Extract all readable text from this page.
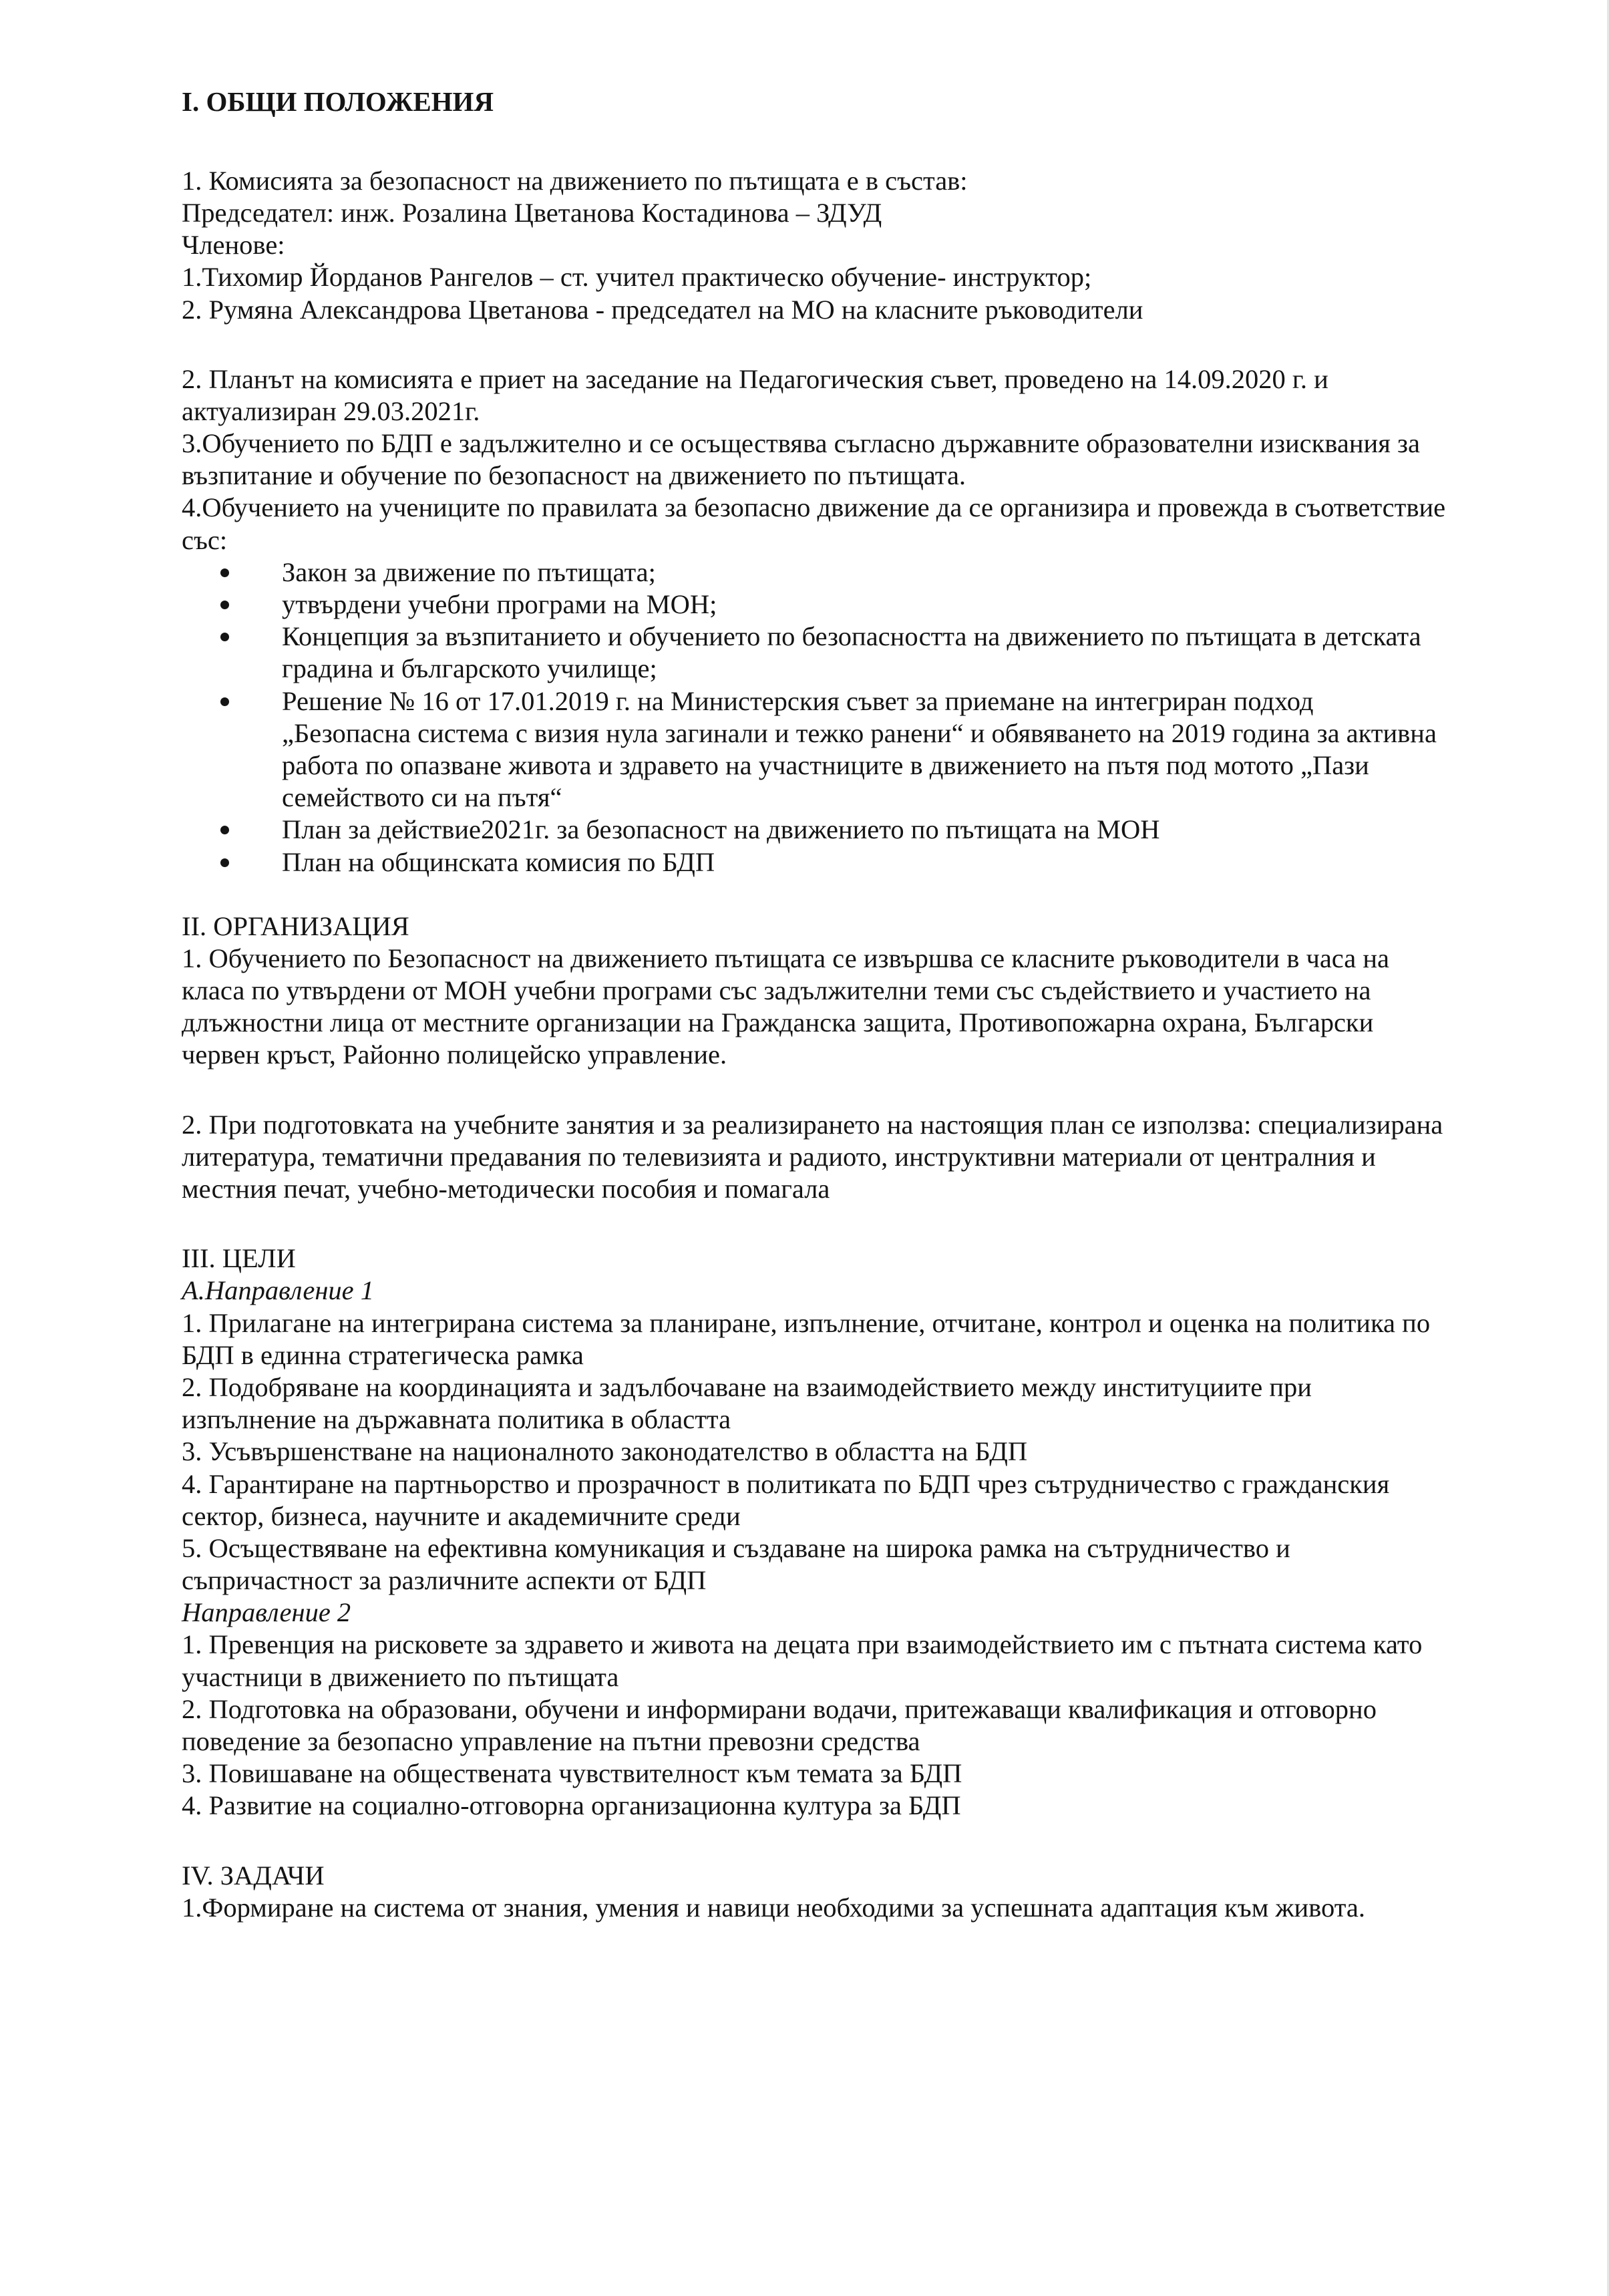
I. ОБЩИ ПОЛОЖЕНИЯ

1. Комисията за безопасност на движението по пътищата е в състав:

Председател: инж. Розалина Цветанова Костадинова – ЗДУД

Членове:

1.Тихомир Йорданов Рангелов – ст. учител практическо обучение- инструктор;

2. Румяна Александрова Цветанова - председател на МО на класните ръководители

2. Планът на комисията е приет на заседание на Педагогическия съвет, проведено на 14.09.2020 г. и актуализиран 29.03.2021г.

3.Обучението по БДП е задължително и се осъществява съгласно държавните образователни изисквания за възпитание и обучение по безопасност на движението по пътищата.

4.Обучението на учениците по правилата за безопасно движение да се организира и провежда в съответствие със:

Закон за движение по пътищата;
утвърдени учебни програми на МОН;
Концепция за възпитанието и обучението по безопасността на движението по пътищата в детската градина и българското училище;
Решение № 16 от 17.01.2019 г. на Министерския съвет за приемане на интегриран подход „Безопасна система с визия нула загинали и тежко ранени“ и обявяването на 2019 година за активна работа по опазване живота и здравето на участниците в движението на пътя под мотото „Пази семейството си на пътя“
План за действие2021г. за безопасност на движението по пътищата на МОН
План на общинската комисия по БДП

II. ОРГАНИЗАЦИЯ

1. Обучението по Безопасност на движението пътищата се извършва се класните ръководители в часа на класа по утвърдени от МОН учебни програми със задължителни теми със съдействието и участието на длъжностни лица от местните организации на Гражданска защита, Противопожарна охрана, Български червен кръст, Районно полицейско управление.

2. При подготовката на учебните занятия и за реализирането на настоящия план се използва: специализирана литература, тематични предавания по телевизията и радиото, инструктивни материали от централния и местния печат, учебно-методически пособия и помагала

III. ЦЕЛИ

А.Направление 1

1. Прилагане на интегрирана система за планиране, изпълнение, отчитане, контрол и оценка на политика по БДП в единна стратегическа рамка

2. Подобряване на координацията и задълбочаване на взаимодействието между институциите при изпълнение на държавната политика в областта

3. Усъвършенстване на националното законодателство в областта на БДП

4. Гарантиране на партньорство и прозрачност в политиката по БДП чрез сътрудничество с гражданския сектор, бизнеса, научните и академичните среди

5. Осъществяване на ефективна комуникация и създаване на широка рамка на сътрудничество и съпричастност за различните аспекти от БДП

Направление 2

1. Превенция на рисковете за здравето и живота на децата при взаимодействието им с пътната система като участници в движението по пътищата

2. Подготовка на образовани, обучени и информирани водачи, притежаващи квалификация и отговорно поведение за безопасно управление на пътни превозни средства

3. Повишаване на обществената чувствителност към темата за БДП

4. Развитие на социално-отговорна организационна култура за БДП

IV. ЗАДАЧИ

1.Формиране на система от знания, умения и навици необходими за успешната адаптация към живота.
